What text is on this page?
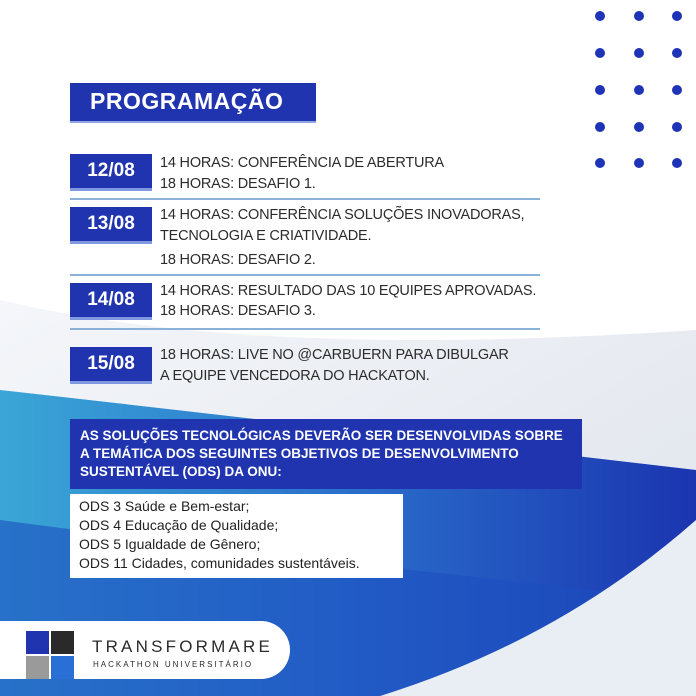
PROGRAMAÇÃO
12/08	14 HORAS: CONFERÊNCIA DE ABERTURA
18 HORAS: DESAFIO 1.
13/08	14 HORAS: CONFERÊNCIA SOLUÇÕES INOVADORAS,
TECNOLOGIA E CRIATIVIDADE.
18 HORAS: DESAFIO 2.
14/08	14 HORAS: RESULTADO DAS 10 EQUIPES APROVADAS.
18 HORAS: DESAFIO 3.
15/08	18 HORAS: LIVE NO @CARBUERN PARA DIBULGAR
A EQUIPE VENCEDORA DO HACKATON.
AS SOLUÇÕES TECNOLÓGICAS DEVERÃO SER DESENVOLVIDAS SOBRE A TEMÁTICA DOS SEGUINTES OBJETIVOS DE DESENVOLVIMENTO SUSTENTÁVEL (ODS) DA ONU:
ODS 3 Saúde e Bem-estar;
ODS 4 Educação de Qualidade;
ODS 5 Igualdade de Gênero;
ODS 11 Cidades, comunidades sustentáveis.
TRANSFORMARE
HACKATHON UNIVERSITÁRIO
